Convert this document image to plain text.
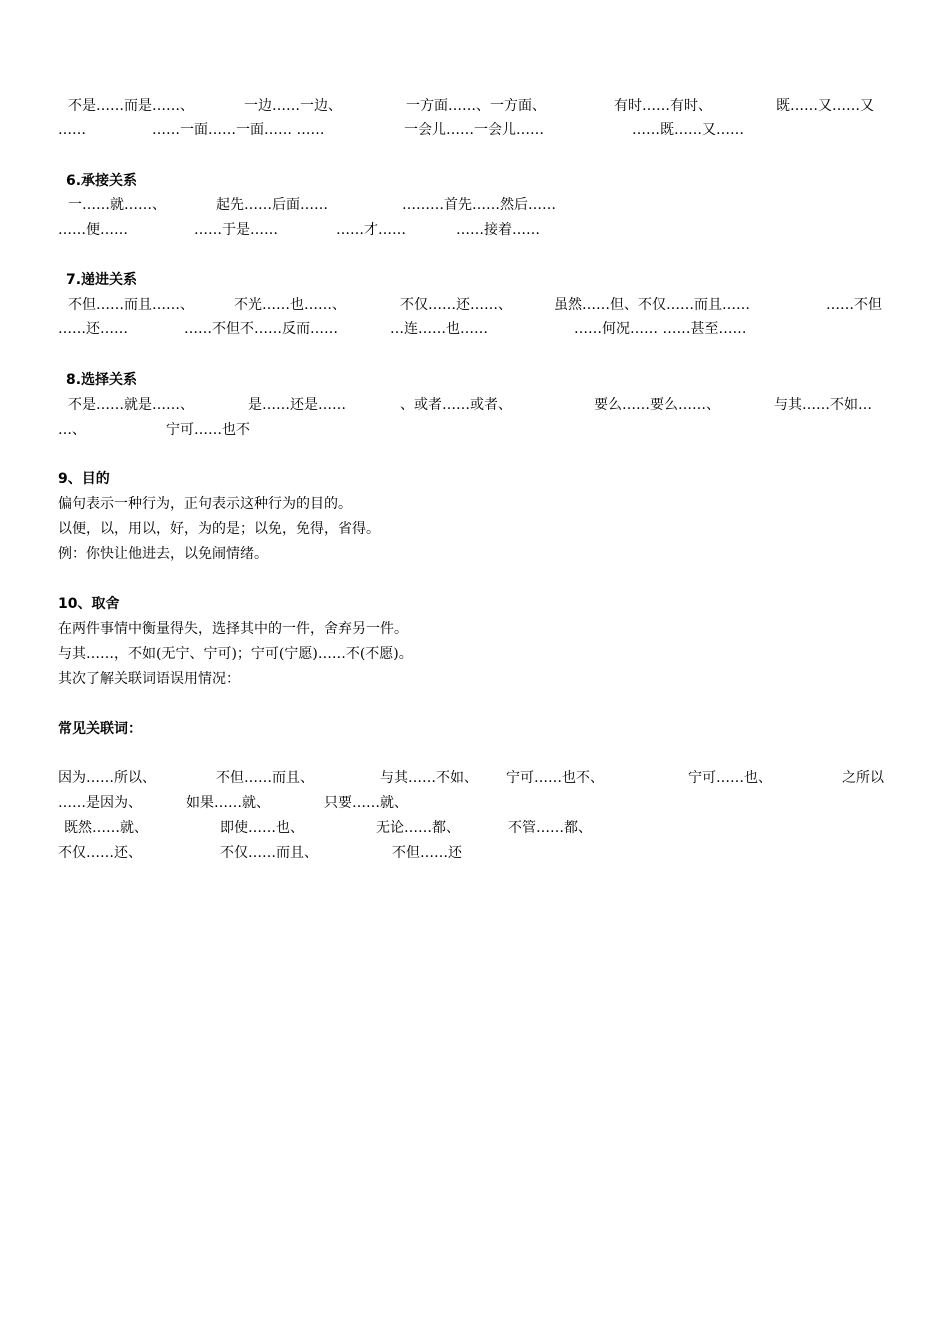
不是……而是……、	一边……一边、	一方面……、一方面、	有时……有时、	既……又……又
……	……一面……一面…… ……	一会儿……一会儿……	……既……又……
6.承接关系
一……就……、	起先……后面……	………首先……然后……
……便……	……于是……	……才……	……接着……
7.递进关系
不但……而且……、	不光……也……、	不仅……还……、	虽然……但、不仅……而且……	……不但
……还……	……不但不……反而……	…连……也……	……何况…… ……甚至……
8.选择关系
不是……就是……、	是……还是……	、或者……或者、	要么……要么……、	与其……不如…
…、	宁可……也不
9、目的
偏句表示一种行为，正句表示这种行为的目的。
以便，以，用以，好，为的是；以免，免得，省得。
例：你快让他进去，以免闹情绪。
10、取舍
在两件事情中衡量得失，选择其中的一件，舍弃另一件。
与其……，不如(无宁、宁可)；宁可(宁愿)……不(不愿)。
其次了解关联词语误用情况：
常见关联词：
因为……所以、	不但……而且、	与其……不如、 宁可……也不、	宁可……也、	之所以
……是因为、	如果……就、	只要……就、
既然……就、	即使……也、	无论……都、	不管……都、
不仅……还、	不仅……而且、	不但……还
